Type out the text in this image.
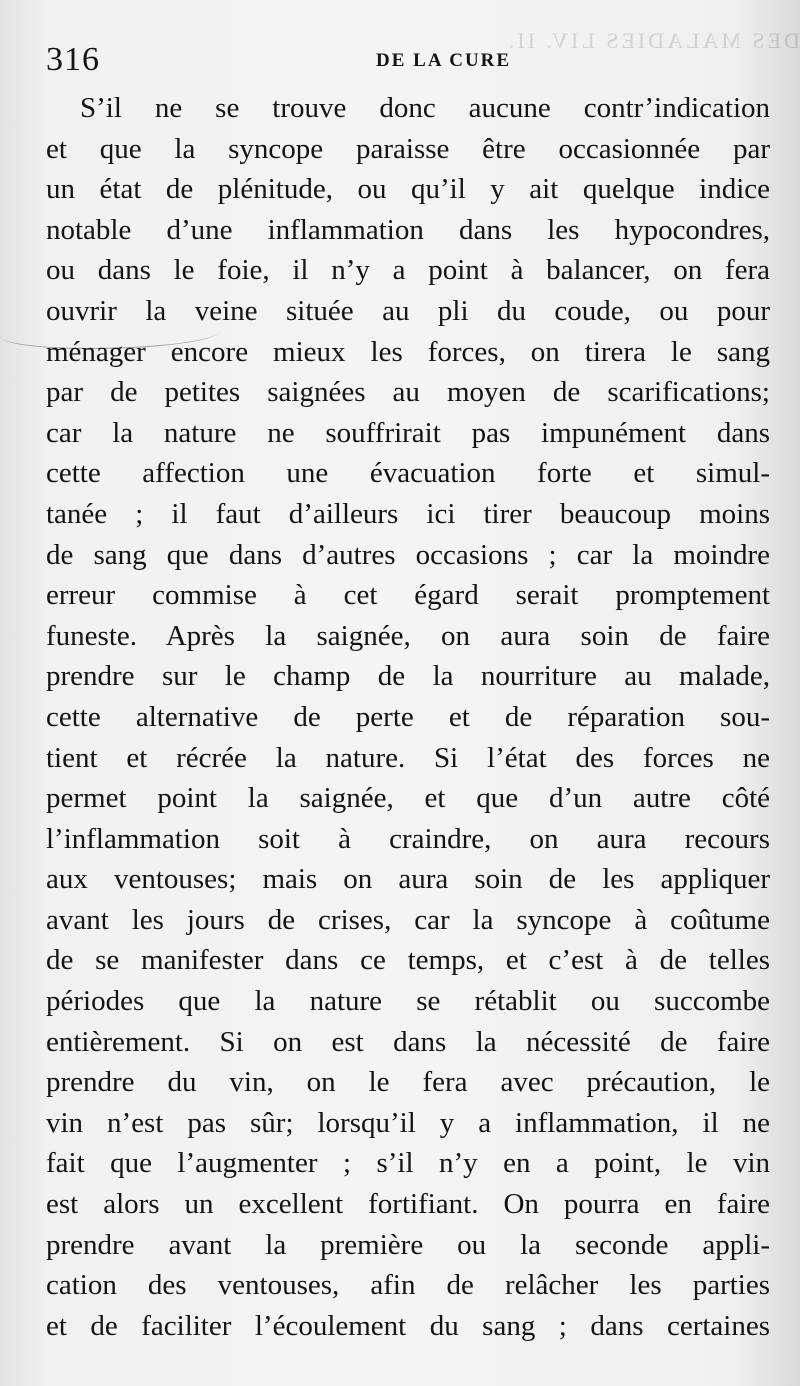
DES MALADIES LIV. II.
316	DE LA CURE
S’il ne se trouve donc aucune contr’indication
et que la syncope paraisse être occasionnée par
un état de plénitude, ou qu’il y ait quelque indice
notable d’une inflammation dans les hypocondres,
ou dans le foie, il n’y a point à balancer, on fera
ouvrir la veine située au pli du coude, ou pour
ménager encore mieux les forces, on tirera le sang
par de petites saignées au moyen de scarifications;
car la nature ne souffrirait pas impunément dans
cette affection une évacuation forte et simul-
tanée ; il faut d’ailleurs ici tirer beaucoup moins
de sang que dans d’autres occasions ; car la moindre
erreur commise à cet égard serait promptement
funeste. Après la saignée, on aura soin de faire
prendre sur le champ de la nourriture au malade,
cette alternative de perte et de réparation sou-
tient et récrée la nature. Si l’état des forces ne
permet point la saignée, et que d’un autre côté
l’inflammation soit à craindre, on aura recours
aux ventouses; mais on aura soin de les appliquer
avant les jours de crises, car la syncope à coûtume
de se manifester dans ce temps, et c’est à de telles
périodes que la nature se rétablit ou succombe
entièrement. Si on est dans la nécessité de faire
prendre du vin, on le fera avec précaution, le
vin n’est pas sûr; lorsqu’il y a inflammation, il ne
fait que l’augmenter ; s’il n’y en a point, le vin
est alors un excellent fortifiant. On pourra en faire
prendre avant la première ou la seconde appli-
cation des ventouses, afin de relâcher les parties
et de faciliter l’écoulement du sang ; dans certaines
